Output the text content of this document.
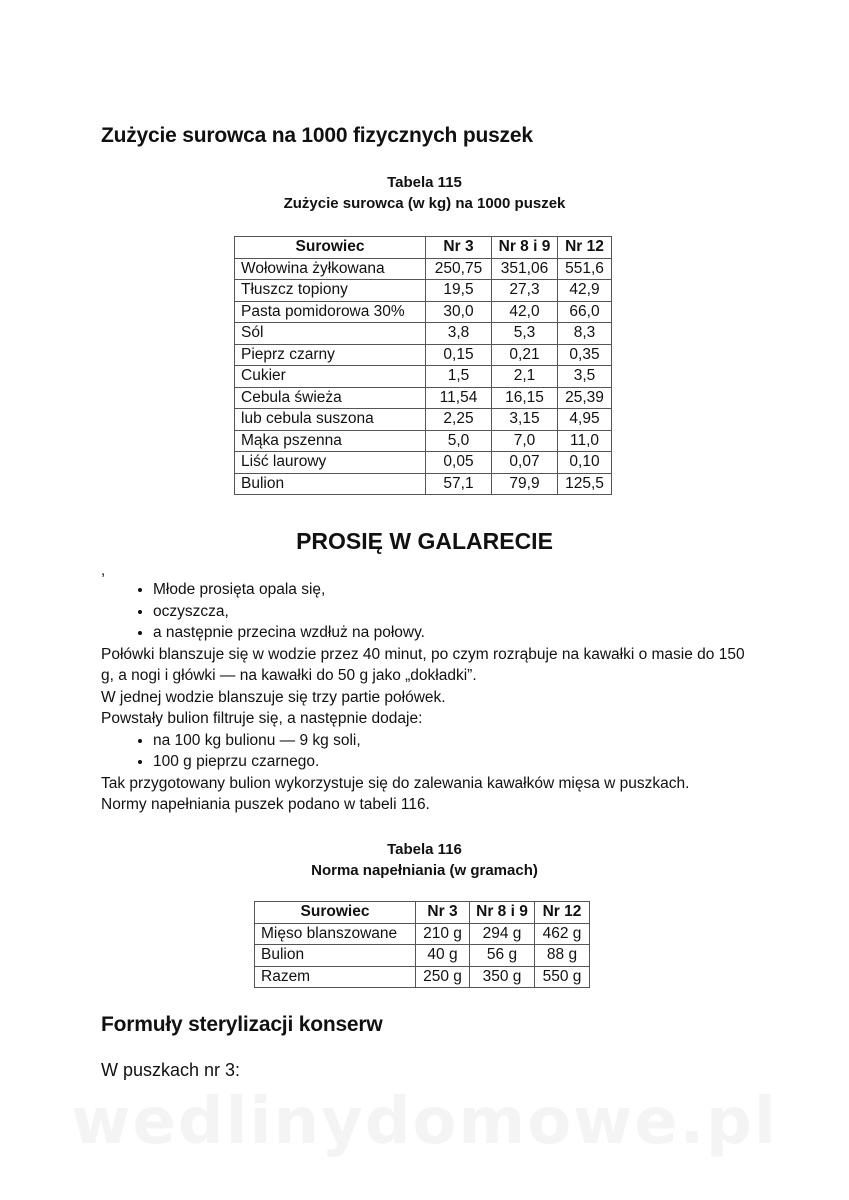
Zużycie surowca na 1000 fizycznych puszek
Tabela 115
Zużycie surowca (w kg) na 1000 puszek
Surowiec	Nr 3	Nr 8 i 9	Nr 12
Wołowina żyłkowana	250,75	351,06	551,6
Tłuszcz topiony	19,5	27,3	42,9
Pasta pomidorowa 30%	30,0	42,0	66,0
Sól	3,8	5,3	8,3
Pieprz czarny	0,15	0,21	0,35
Cukier	1,5	2,1	3,5
Cebula świeża	11,54	16,15	25,39
lub cebula suszona	2,25	3,15	4,95
Mąka pszenna	5,0	7,0	11,0
Liść laurowy	0,05	0,07	0,10
Bulion	57,1	79,9	125,5
PROSIĘ W GALARECIE
,
• Młode prosięta opala się,
• oczyszcza,
• a następnie przecina wzdłuż na połowy.

Połówki blanszuje się w wodzie przez 40 minut, po czym rozrąbuje na kawałki o masie do 150 g, a nogi i główki — na kawałki do 50 g jako „dokładki”.

W jednej wodzie blanszuje się trzy partie połówek.

Powstały bulion filtruje się, a następnie dodaje:

• na 100 kg bulionu — 9 kg soli,
• 100 g pieprzu czarnego.

Tak przygotowany bulion wykorzystuje się do zalewania kawałków mięsa w puszkach.

Normy napełniania puszek podano w tabeli 116.

Tabela 116
Norma napełniania (w gramach)
Surowiec	Nr 3	Nr 8 i 9	Nr 12
Mięso blanszowane	210 g	294 g	462 g
Bulion	40 g	56 g	88 g
Razem	250 g	350 g	550 g
Formuły sterylizacji konserw
W puszkach nr 3:
wedlinydomowe.pl
